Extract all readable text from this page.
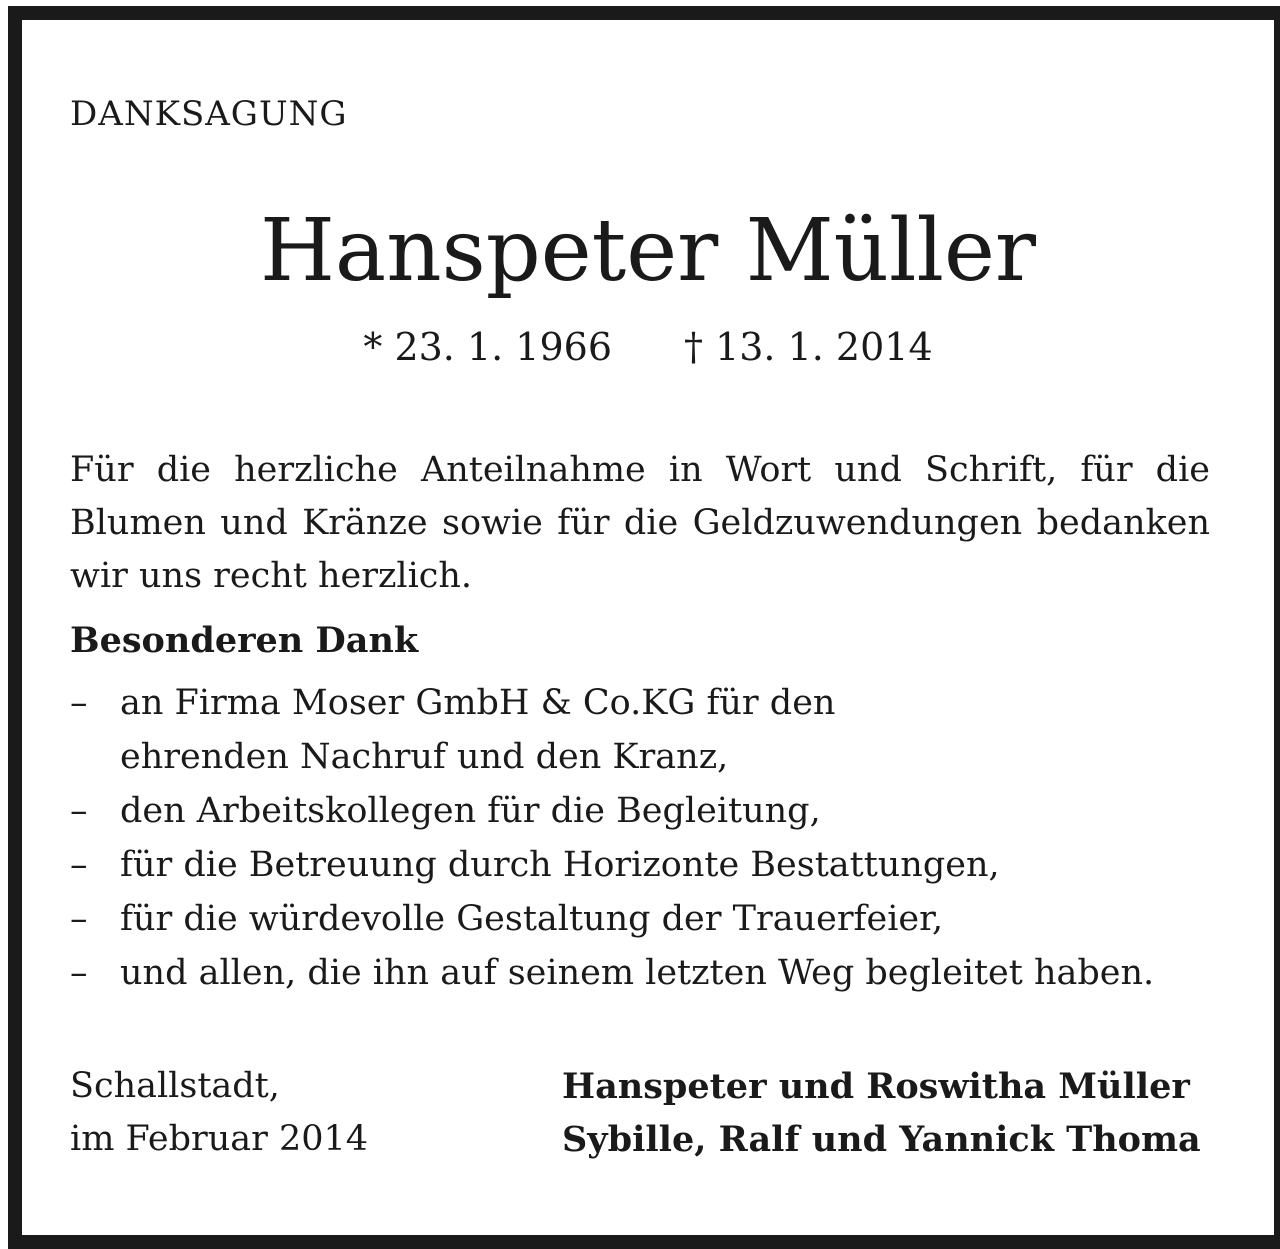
DANKSAGUNG
Hanspeter Müller
* 23. 1. 1966 † 13. 1. 2014
Für die herzliche Anteilnahme in Wort und Schrift, für die Blumen und Kränze sowie für die Geldzuwendungen bedanken wir uns recht herzlich.
Besonderen Dank
– an Firma Moser GmbH & Co.KG für den ehrenden Nachruf und den Kranz,
– den Arbeitskollegen für die Begleitung,
– für die Betreuung durch Horizonte Bestattungen,
– für die würdevolle Gestaltung der Trauerfeier,
– und allen, die ihn auf seinem letzten Weg begleitet haben.
Schallstadt,
im Februar 2014
Hanspeter und Roswitha Müller
Sybille, Ralf und Yannick Thoma
